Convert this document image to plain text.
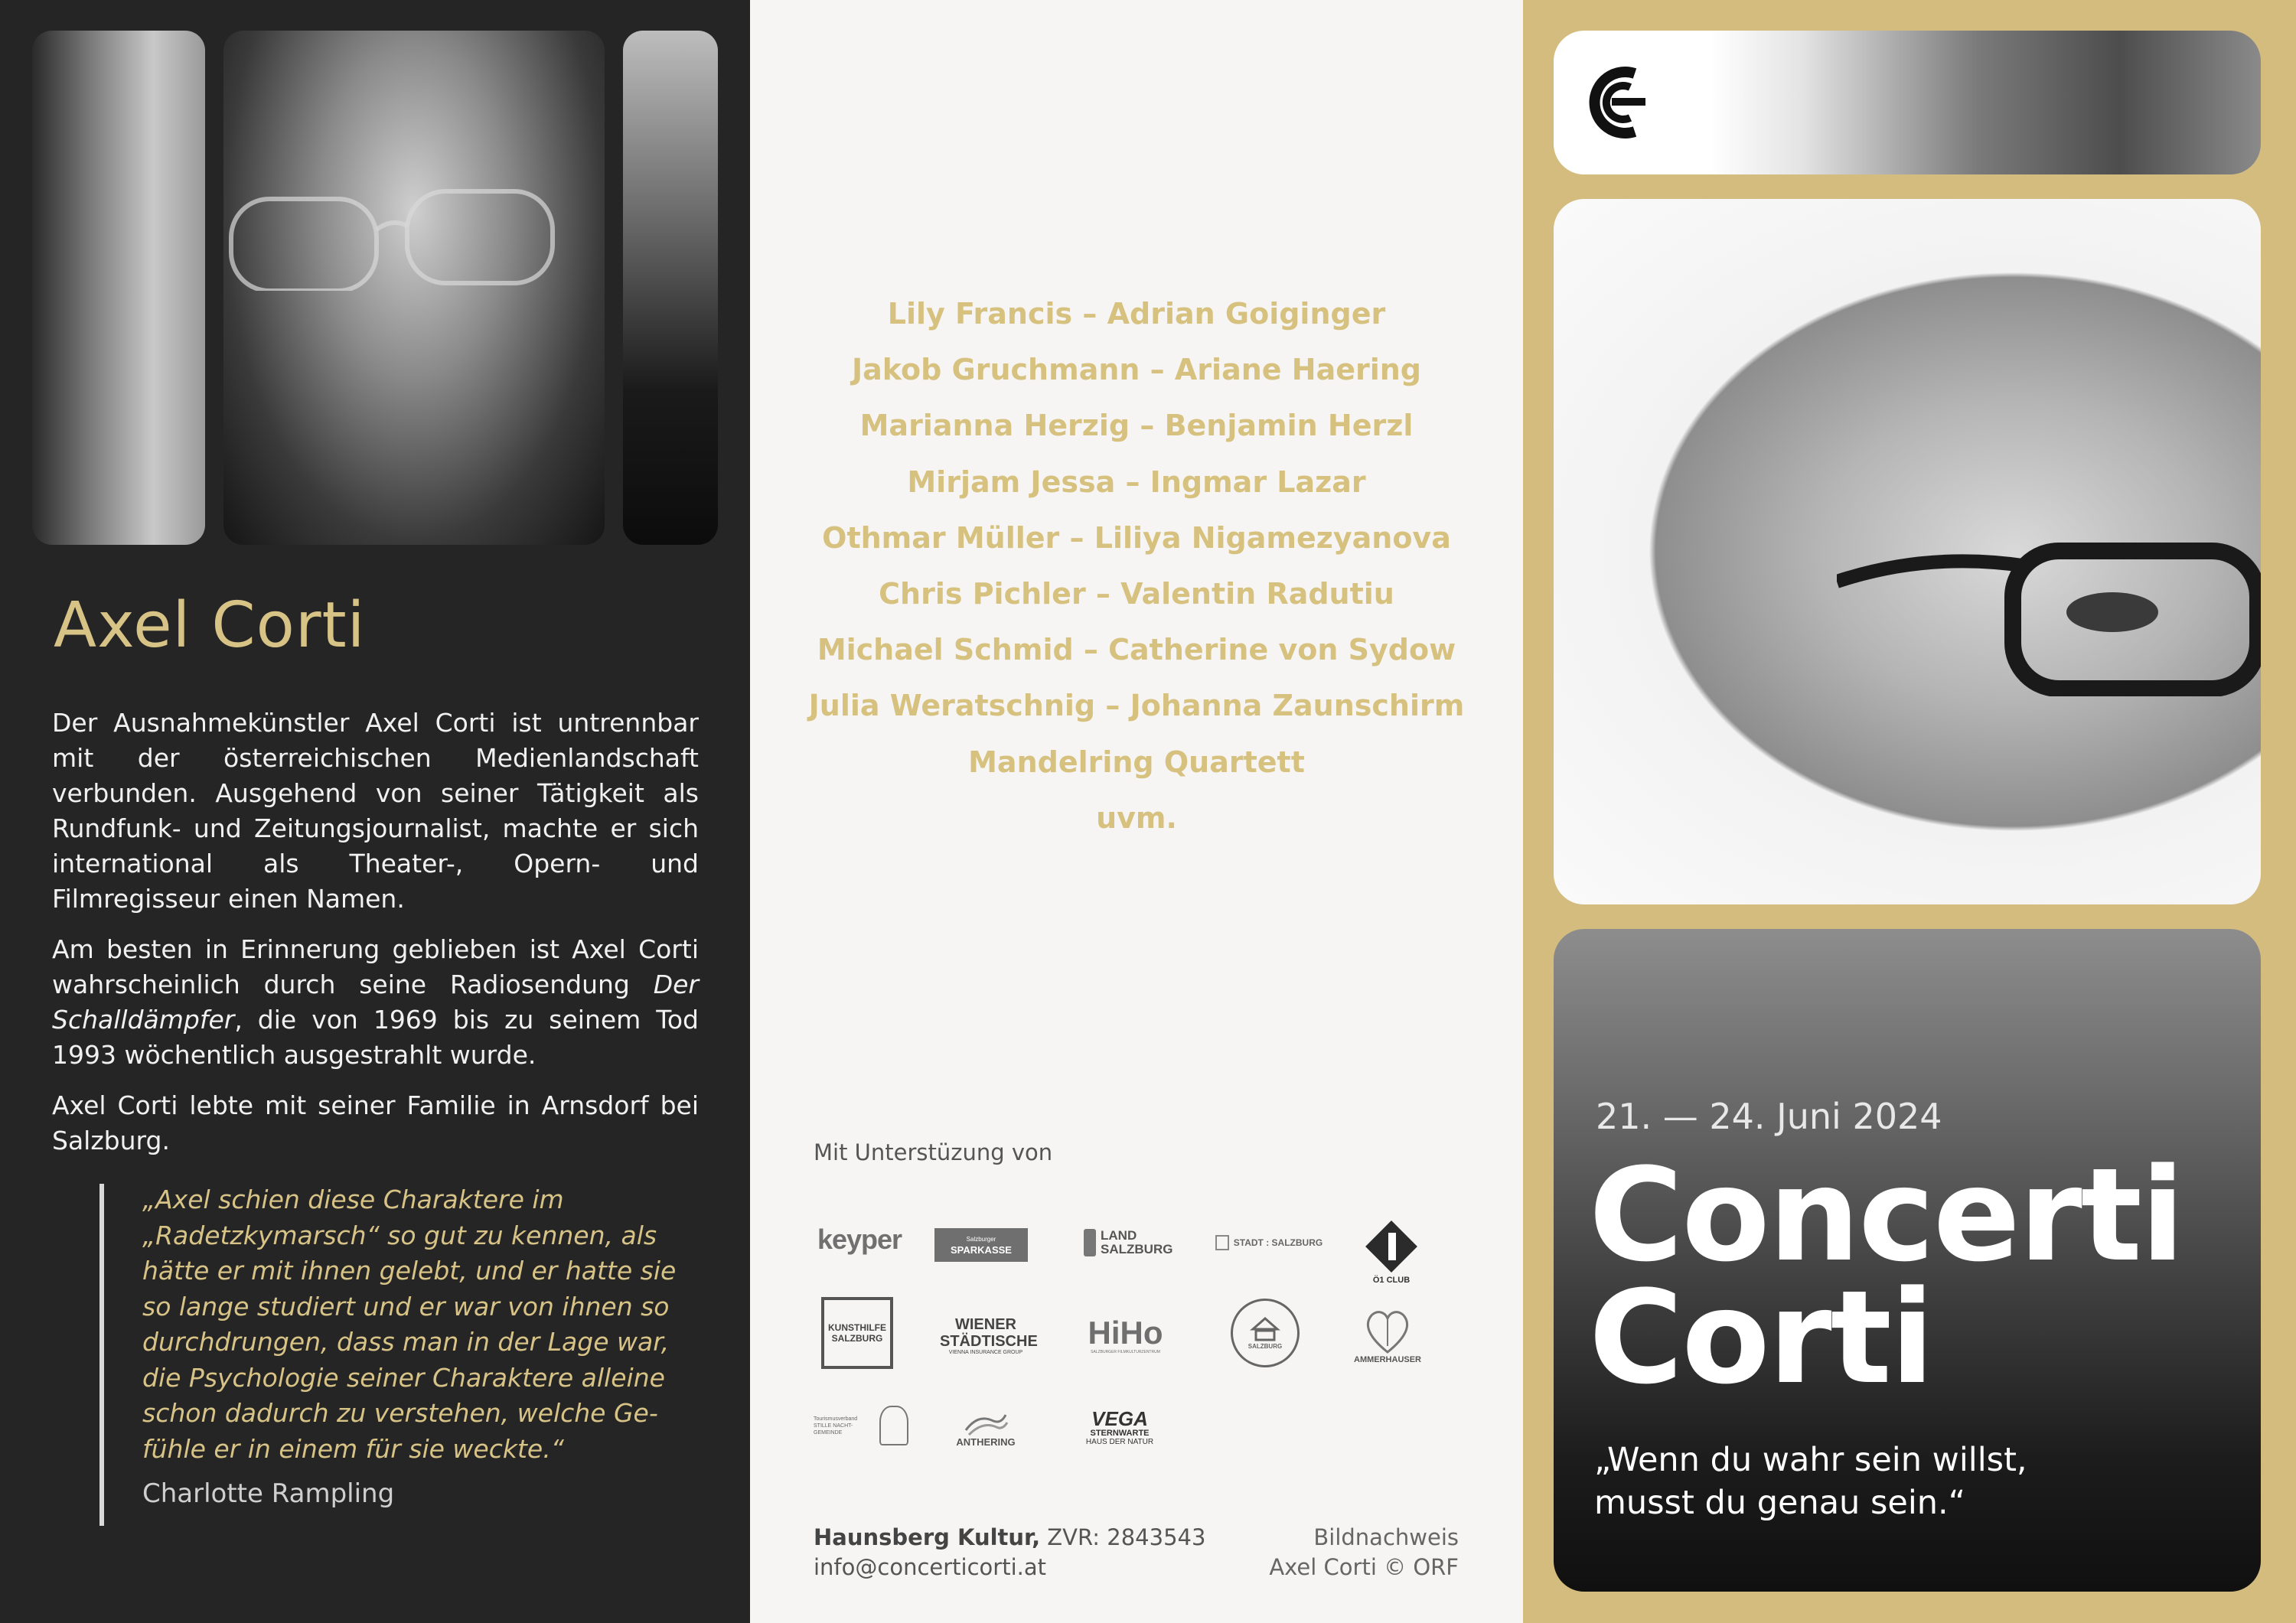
Axel Corti

Der Ausnahmekünstler Axel Corti ist untrennbar mit der österreichischen Medienlandschaft verbunden. Ausgehend von seiner Tätigkeit als Rundfunk- und Zeitungsjournalist, machte er sich international als Theater-, Opern- und Filmregisseur einen Namen.

Am besten in Erinnerung geblieben ist Axel Corti wahrscheinlich durch seine Radiosendung Der Schalldämpfer, die von 1969 bis zu seinem Tod 1993 wöchentlich ausgestrahlt wurde.

Axel Corti lebte mit seiner Familie in Arnsdorf bei Salzburg.

„Axel schien diese Charaktere im
„Radetzkymarsch“ so gut zu kennen, als
hätte er mit ihnen gelebt, und er hatte sie
so lange studiert und er war von ihnen so
durchdrungen, dass man in der Lage war,
die Psychologie seiner Charaktere alleine
schon dadurch zu verstehen, welche Ge-
fühle er in einem für sie weckte.“
Charlotte Rampling
Lily Francis – Adrian Goiginger
Jakob Gruchmann – Ariane Haering
Marianna Herzig – Benjamin Herzl
Mirjam Jessa – Ingmar Lazar
Othmar Müller – Liliya Nigamezyanova
Chris Pichler – Valentin Radutiu
Michael Schmid – Catherine von Sydow
Julia Weratschnig – Johanna Zaunschirm
Mandelring Quartett
uvm.
Mit Unterstüzung von
keyper	Salzburger
SPARKASSE
LAND SALZBURG	STADT : SALZBURG
Ö1 CLUB
KUNSTHILFE SALZBURG
WIENER STÄDTISCHE
VIENNA INSURANCE GROUP
HiHo
SALZBURGER FILMKULTURZENTRUM
SALZBURG
AMMERHAUSER
Tourismusverband STILLE NACHT-GEMEINDE
ANTHERING
VEGA
STERNWARTE
HAUS DER NATUR
Haunsberg Kultur, ZVR: 2843543
info@concerticorti.at
Bildnachweis
Axel Corti © ORF
21. — 24. Juni 2024
Concerti
Corti
„Wenn du wahr sein willst,
musst du genau sein.“
